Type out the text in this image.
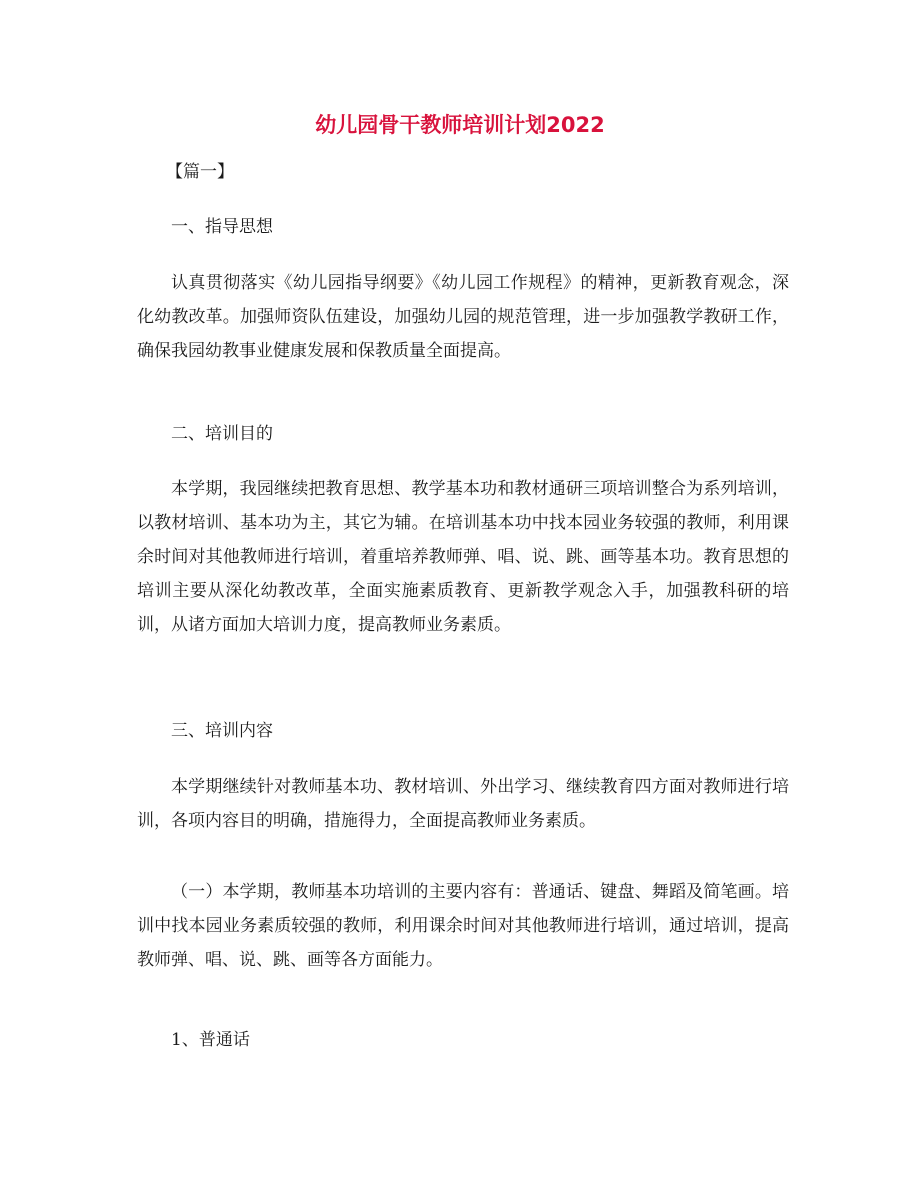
幼儿园骨干教师培训计划2022

【篇一】

一、指导思想

认真贯彻落实《幼儿园指导纲要》《幼儿园工作规程》的精神，更新教育观念，深化幼教改革。加强师资队伍建设，加强幼儿园的规范管理，进一步加强教学教研工作，确保我园幼教事业健康发展和保教质量全面提高。

二、培训目的

本学期，我园继续把教育思想、教学基本功和教材通研三项培训整合为系列培训，以教材培训、基本功为主，其它为辅。在培训基本功中找本园业务较强的教师，利用课余时间对其他教师进行培训，着重培养教师弹、唱、说、跳、画等基本功。教育思想的培训主要从深化幼教改革，全面实施素质教育、更新教学观念入手，加强教科研的培训，从诸方面加大培训力度，提高教师业务素质。

三、培训内容

本学期继续针对教师基本功、教材培训、外出学习、继续教育四方面对教师进行培训，各项内容目的明确，措施得力，全面提高教师业务素质。

（一）本学期，教师基本功培训的主要内容有：普通话、键盘、舞蹈及简笔画。培训中找本园业务素质较强的教师，利用课余时间对其他教师进行培训，通过培训，提高教师弹、唱、说、跳、画等各方面能力。

1、普通话
